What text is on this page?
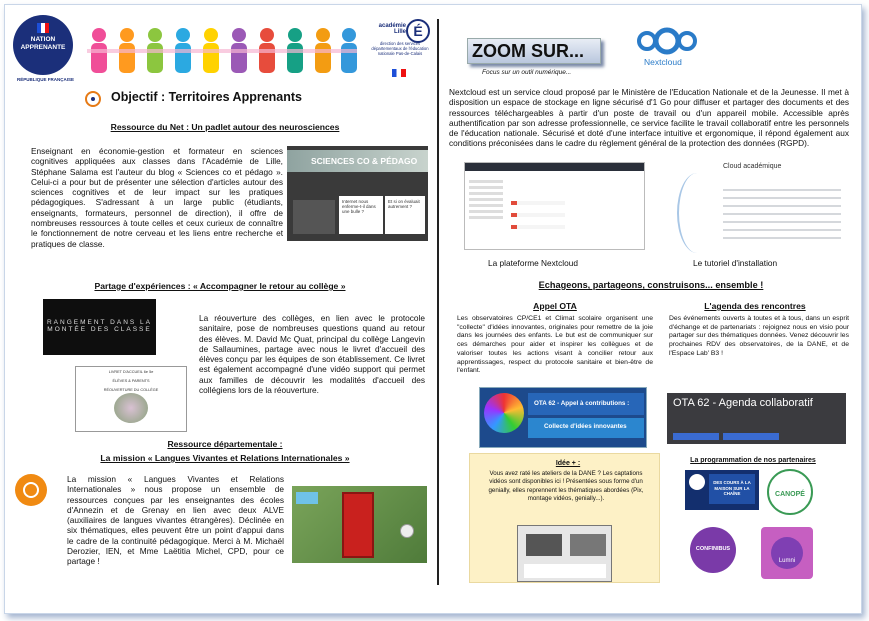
NATION
APPRENANTE
RÉPUBLIQUE FRANÇAISE
académie Lille É
direction des services départementaux de l'éducation nationale Pas-de-Calais
Objectif : Territoires Apprenants
Ressource du Net : Un padlet autour des neurosciences
Enseignant en économie-gestion et formateur en sciences cognitives appliquées aux classes dans l'Académie de Lille, Stéphane Salama est l'auteur du blog « Sciences co et pédago ». Celui-ci a pour but de présenter une sélection d'articles autour des sciences cognitives et de leur impact sur les pratiques pédagogiques. S'adressant à un large public (étudiants, enseignants, formateurs, personnel de direction), il offre de nombreuses ressources à toute celles et ceux curieux de connaître le fonctionnement de notre cerveau et les liens entre recherche et pratiques de classe.
SCIENCES CO & PÉDAGO
Internet nous enferme-t-il dans une bulle ?
Et si on évaluait autrement ?
Partage d'expériences : « Accompagner le retour au collège »
RANGEMENT DANS LA MONTÉE DES CLASSE
LIVRET D'ACCUEIL 6e 5e
ÉLÈVES & PARENTS
RÉOUVERTURE DU COLLÈGE
La réouverture des collèges, en lien avec le protocole sanitaire, pose de nombreuses questions quand au retour des élèves. M. David Mc Quat, principal du collège Langevin de Sallaumines, partage avec nous le livret d'accueil des élèves conçu par les équipes de son établissement. Ce livret est également accompagné d'une vidéo support qui permet aux familles de découvrir les modalités d'accueil des collégiens lors de la réouverture.
Ressource départementale :
La mission « Langues Vivantes et Relations Internationales »
La mission « Langues Vivantes et Relations Internationales » nous propose un ensemble de ressources conçues par les enseignantes des écoles d'Annezin et de Grenay en lien avec deux ALVE (auxiliaires de langues vivantes étrangères). Déclinée en six thématiques, elles peuvent être un point d'appui dans le cadre de la continuité pédagogique. Merci à M. Michaël Derozier, IEN, et Mme Laëtitia Michel, CPD, pour ce partage !
ZOOM SUR...
Focus sur un outil numérique...
Nextcloud
Nextcloud est un service cloud proposé par le Ministère de l'Education Nationale et de la Jeunesse. Il met à disposition un espace de stockage en ligne sécurisé d'1 Go pour diffuser et partager des documents et des ressources téléchargeables à partir d'un poste de travail ou d'un appareil mobile. Accessible après authentification par son adresse professionnelle, ce service facilite le travail collaboratif entre les personnels de l'éducation nationale. Sécurisé et doté d'une interface intuitive et ergonomique, il répond également aux conditions préconisées dans le cadre du règlement général de la protection des données (RGPD).
Cloud académique
La plateforme Nextcloud	Le tutoriel d'installation
Echageons, partageons, construisons... ensemble !
Appel OTA
Les observatoires CP/CE1 et Climat scolaire organisent une "collecte" d'idées innovantes, originales pour remettre de la joie dans les journées des enfants. Le but est de communiquer sur ces démarches pour aider et inspirer les collègues et de valoriser toutes les actions visant à concilier retour aux apprentissages, respect du protocole sanitaire et bien-être de l'enfant.
L'agenda des rencontres
Des événements ouverts à toutes et à tous, dans un esprit d'échange et de partenariats : rejoignez nous en visio pour partager sur des thématiques données. Venez découvrir les prochaines RDV des observatoires, de la DANE, et de l'Espace Lab' B3 !
OTA 62 - Appel à contributions :
Collecte d'idées innovantes
OTA 62 - Agenda collaboratif
Idée + :
Vous avez raté les ateliers de la DANE ? Les captations vidéos sont disponibles ici ! Présentées sous forme d'un genially, elles reprennent les thématiques abordées (Pix, montage vidéos, genially...).
La programmation de nos partenaires
DES COURS À LA MAISON SUR LA CHAÎNE	CANOPÉ
CONFINIBUS
Lumni
